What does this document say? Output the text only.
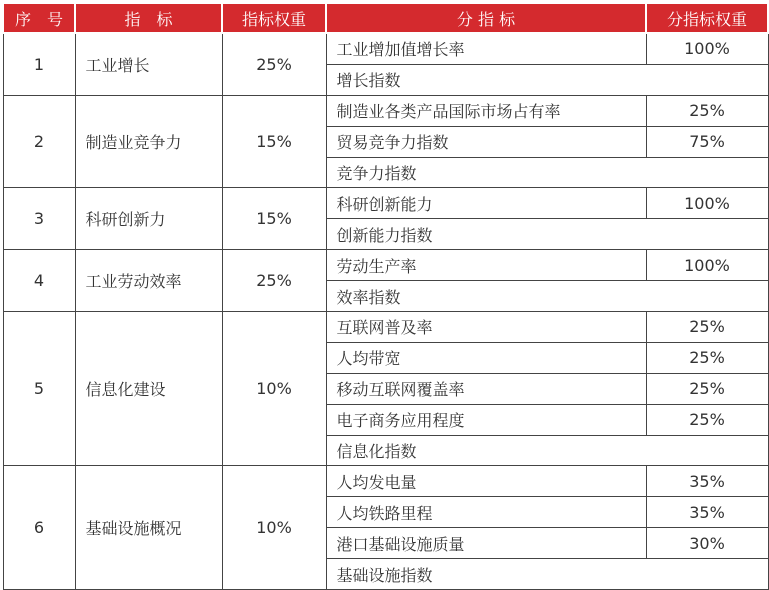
序　号	指　标	指标权重	分 指 标	分指标权重
1	工业增长	25%	工业增加值增长率	100%
			增长指数	
2	制造业竞争力	15%	制造业各类产品国际市场占有率	25%
			贸易竞争力指数	75%
			竞争力指数	
3	科研创新力	15%	科研创新能力	100%
			创新能力指数	
4	工业劳动效率	25%	劳动生产率	100%
			效率指数	
5	信息化建设	10%	互联网普及率	25%
			人均带宽	25%
			移动互联网覆盖率	25%
			电子商务应用程度	25%
			信息化指数	
6	基础设施概况	10%	人均发电量	35%
			人均铁路里程	35%
			港口基础设施质量	30%
			基础设施指数	
